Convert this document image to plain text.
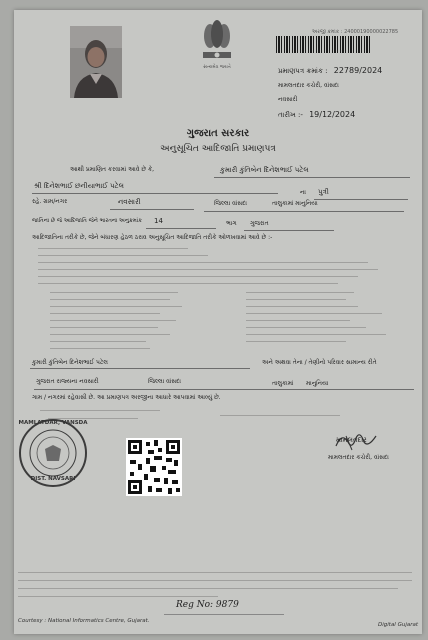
સત્યમેવ જયતે
અરજી ક્રમાંક : 24000190000022785
પ્રમાણપત્ર ક્રમાંક : 22789/2024
મામલતદાર કચેરી, વાંસદા
નવસારી
તારીખ :- 19/12/2024
ગુજરાત સરકાર
અનુસૂચિત આદિજાતિ પ્રમાણપત્ર
આથી પ્રમાણિત કરવામાં આવે છે કે,	કુમારી કુંતિબેન દિનેશભાઈ પટેલ
શ્રી દિનેશભાઈ છનીયાભાઈ પટેલ
ના પુત્રી
રહે. ગ્રામ/નગર	નવસારી	જિલ્લા વાંસદા	તાલુકામાં માનુનિયા
જાતિના છે જે આદિજાતિ જેને ભારતના અનુક્રમાંક 14	ભાગ ગુજરાત
આદિજાતિના તરીકે છે, જેને બંધારણ હેઠળ ઠરાવ અનુસૂચિત આદિજાતિ તરીકે ઓળખવામાં આવે છે :-
કુમારી કુંતિબેન દિનેશભાઈ પટેલ	અને અથવા તેના / તેણીનો પરિવાર સામાન્ય રીતે
ગુજરાત રાજ્યના નવસારી	જિલ્લા વાંસદા	તાલુકામાં માનુનિયા
ગામ / નગરમાં રહેવાસી છે. આ પ્રમાણપત્ર અરજીના આધારે આપવામાં આવ્યું છે.
MAMLATDAR, VANSDA
DIST. NAVSARI
મામલતદાર
મામલતદાર કચેરી, વાંસદા
Reg No: 9879
Courtesy : National Informatics Centre, Gujarat.
Digital Gujarat
